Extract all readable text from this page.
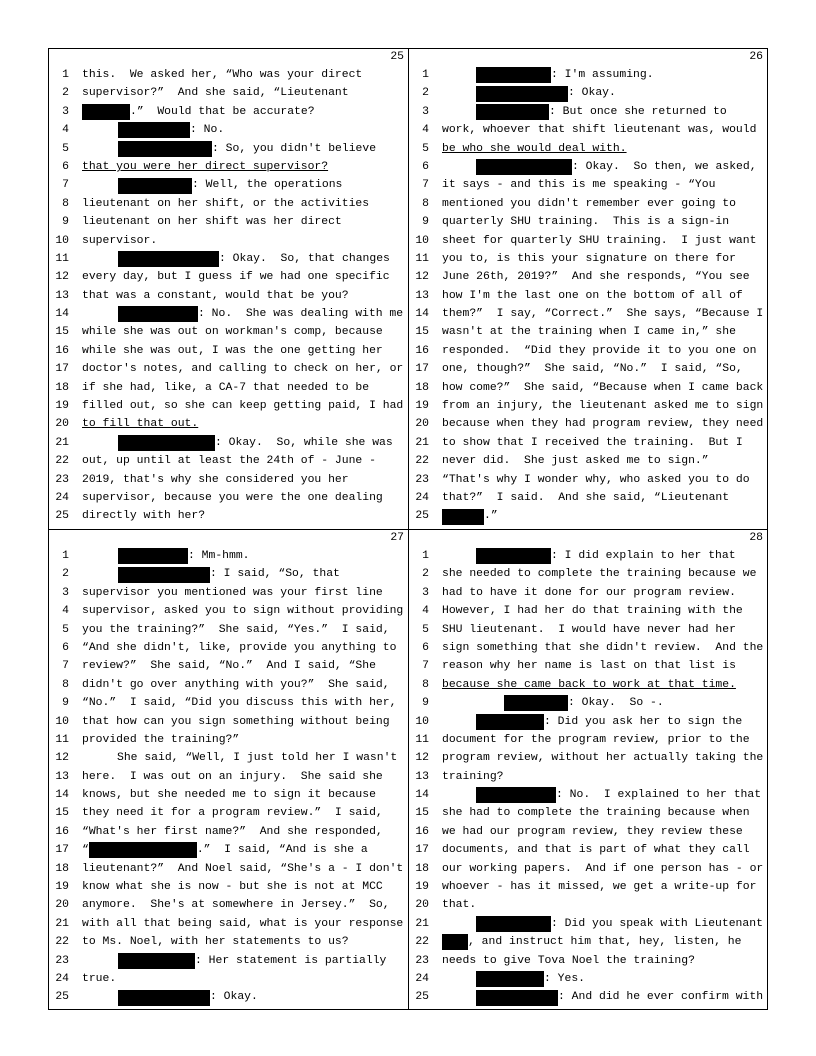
25
1 this.  We asked her, “Who was your direct
2 supervisor?”  And she said, “Lieutenant
3	.”  Would that be accurate?
4	: No.
5	: So, you didn't believe
6 that you were her direct supervisor?
7	: Well, the operations
8 lieutenant on her shift, or the activities
9 lieutenant on her shift was her direct
10 supervisor.
11	: Okay.  So, that changes
12 every day, but I guess if we had one specific
13 that was a constant, would that be you?
14	: No.  She was dealing with me
15 while she was out on workman's comp, because
16 while she was out, I was the one getting her
17 doctor's notes, and calling to check on her, or
18 if she had, like, a CA-7 that needed to be
19 filled out, so she can keep getting paid, I had
20 to fill that out.
21	: Okay.  So, while she was
22 out, up until at least the 24th of - June -
23 2019, that's why she considered you her
24 supervisor, because you were the one dealing
25 directly with her?
26
1	: I'm assuming.
2	: Okay.
3	: But once she returned to
4 work, whoever that shift lieutenant was, would
5 be who she would deal with.
6	: Okay.  So then, we asked,
7 it says - and this is me speaking - “You
8 mentioned you didn't remember ever going to
9 quarterly SHU training.  This is a sign-in
10 sheet for quarterly SHU training.  I just want
11 you to, is this your signature on there for
12 June 26th, 2019?”  And she responds, “You see
13 how I'm the last one on the bottom of all of
14 them?”  I say, “Correct.”  She says, “Because I
15 wasn't at the training when I came in,” she
16 responded.  “Did they provide it to you one on
17 one, though?”  She said, “No.”  I said, “So,
18 how come?”  She said, “Because when I came back
19 from an injury, the lieutenant asked me to sign
20 because when they had program review, they need
21 to show that I received the training.  But I
22 never did.  She just asked me to sign.”
23 “That's why I wonder why, who asked you to do
24 that?”  I said.  And she said, “Lieutenant
25	.”
27
1	: Mm-hmm.
2	: I said, “So, that
3 supervisor you mentioned was your first line
4 supervisor, asked you to sign without providing
5 you the training?”  She said, “Yes.”  I said,
6 “And she didn't, like, provide you anything to
7 review?”  She said, “No.”  And I said, “She
8 didn't go over anything with you?”  She said,
9 “No.”  I said, “Did you discuss this with her,
10 that how can you sign something without being
11 provided the training?”
12	She said, “Well, I just told her I wasn't
13 here.  I was out on an injury.  She said she
14 knows, but she needed me to sign it because
15 they need it for a program review.”  I said,
16 “What's her first name?”  And she responded,
17 “	.”  I said, “And is she a
18 lieutenant?”  And Noel said, “She's a - I don't
19 know what she is now - but she is not at MCC
20 anymore.  She's at somewhere in Jersey.”  So,
21 with all that being said, what is your response
22 to Ms. Noel, with her statements to us?
23	: Her statement is partially
24 true.
25	: Okay.
28
1	: I did explain to her that
2 she needed to complete the training because we
3 had to have it done for our program review.
4 However, I had her do that training with the
5 SHU lieutenant.  I would have never had her
6 sign something that she didn't review.  And the
7 reason why her name is last on that list is
8 because she came back to work at that time.
9	: Okay.  So -.
10	: Did you ask her to sign the
11 document for the program review, prior to the
12 program review, without her actually taking the
13 training?
14	: No.  I explained to her that
15 she had to complete the training because when
16 we had our program review, they review these
17 documents, and that is part of what they call
18 our working papers.  And if one person has - or
19 whoever - has it missed, we get a write-up for
20 that.
21	: Did you speak with Lieutenant
22	, and instruct him that, hey, listen, he
23 needs to give Tova Noel the training?
24	: Yes.
25	: And did he ever confirm with
